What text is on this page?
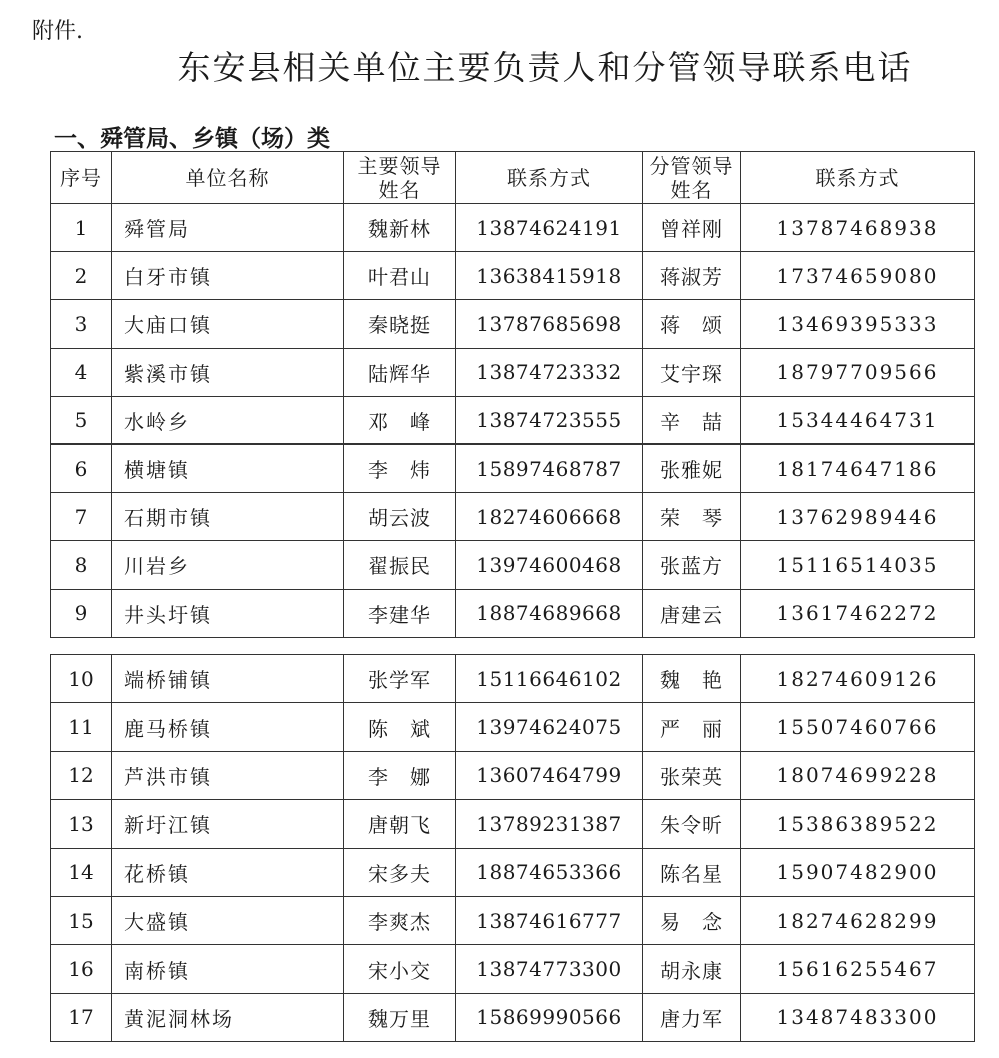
附件.
东安县相关单位主要负责人和分管领导联系电话
一、舜管局、乡镇（场）类
序号	单位名称	主要领导姓名	联系方式	分管领导姓名	联系方式
1	舜管局	魏新林	13874624191	曾祥刚	13787468938
2	白牙市镇	叶君山	13638415918	蒋淑芳	17374659080
3	大庙口镇	秦晓挺	13787685698	蒋　颂	13469395333
4	紫溪市镇	陆辉华	13874723332	艾宇琛	18797709566
5	水岭乡	邓　峰	13874723555	辛　喆	15344464731
6	横塘镇	李　炜	15897468787	张雅妮	18174647186
7	石期市镇	胡云波	18274606668	荣　琴	13762989446
8	川岩乡	翟振民	13974600468	张蓝方	15116514035
9	井头圩镇	李建华	18874689668	唐建云	13617462272
10	端桥铺镇	张学军	15116646102	魏　艳	18274609126
11	鹿马桥镇	陈　斌	13974624075	严　丽	15507460766
12	芦洪市镇	李　娜	13607464799	张荣英	18074699228
13	新圩江镇	唐朝飞	13789231387	朱令昕	15386389522
14	花桥镇	宋多夫	18874653366	陈名星	15907482900
15	大盛镇	李爽杰	13874616777	易　念	18274628299
16	南桥镇	宋小交	13874773300	胡永康	15616255467
17	黄泥洞林场	魏万里	15869990566	唐力军	13487483300
